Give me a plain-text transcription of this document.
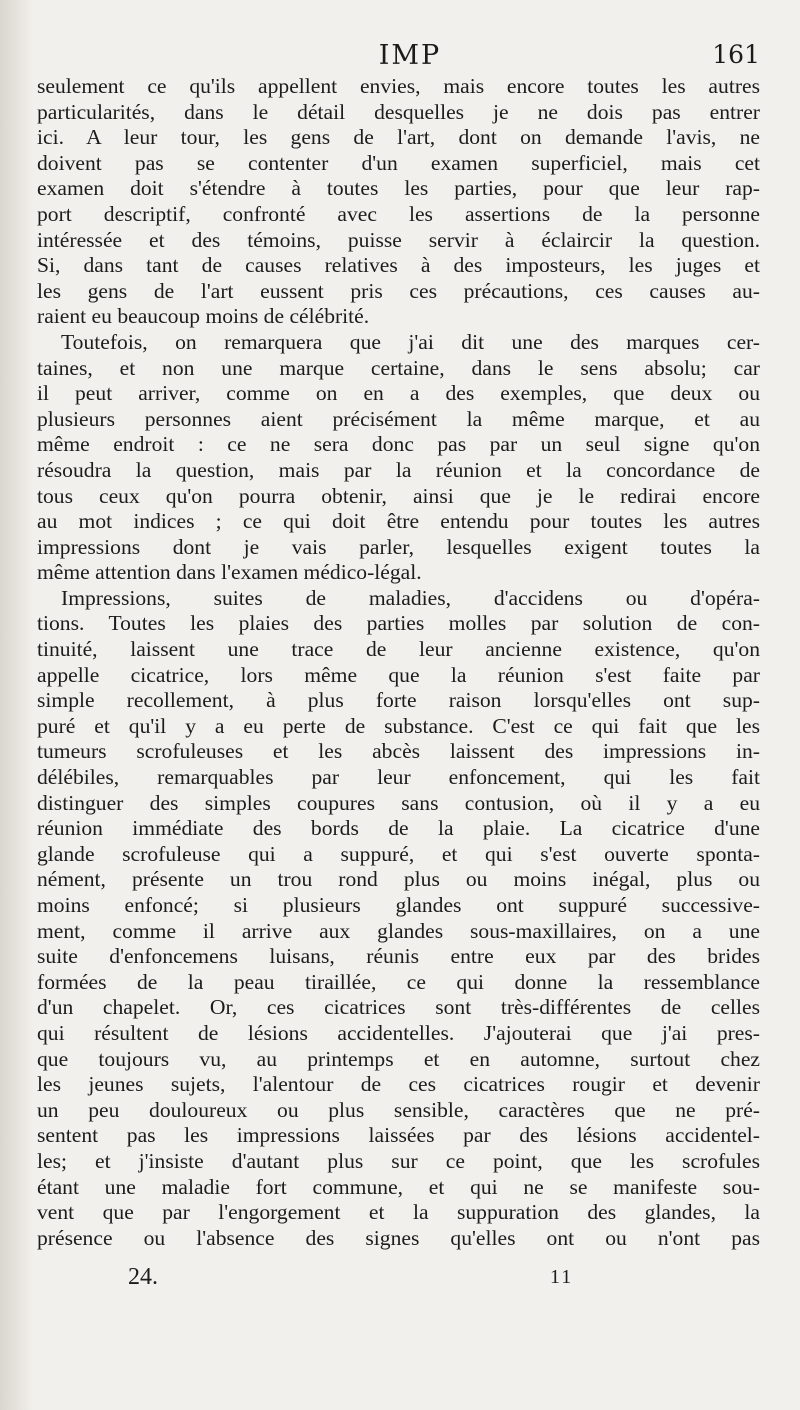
IMP	161
seulement ce qu'ils appellent envies, mais encore toutes les autres
particularités, dans le détail desquelles je ne dois pas entrer
ici. A leur tour, les gens de l'art, dont on demande l'avis, ne
doivent pas se contenter d'un examen superficiel, mais cet
examen doit s'étendre à toutes les parties, pour que leur rap-
port descriptif, confronté avec les assertions de la personne
intéressée et des témoins, puisse servir à éclaircir la question.
Si, dans tant de causes relatives à des imposteurs, les juges et
les gens de l'art eussent pris ces précautions, ces causes au-
raient eu beaucoup moins de célébrité.
Toutefois, on remarquera que j'ai dit une des marques cer-
taines, et non une marque certaine, dans le sens absolu; car
il peut arriver, comme on en a des exemples, que deux ou
plusieurs personnes aient précisément la même marque, et au
même endroit : ce ne sera donc pas par un seul signe qu'on
résoudra la question, mais par la réunion et la concordance de
tous ceux qu'on pourra obtenir, ainsi que je le redirai encore
au mot indices ; ce qui doit être entendu pour toutes les autres
impressions dont je vais parler, lesquelles exigent toutes la
même attention dans l'examen médico-légal.
Impressions, suites de maladies, d'accidens ou d'opéra-
tions. Toutes les plaies des parties molles par solution de con-
tinuité, laissent une trace de leur ancienne existence, qu'on
appelle cicatrice, lors même que la réunion s'est faite par
simple recollement, à plus forte raison lorsqu'elles ont sup-
puré et qu'il y a eu perte de substance. C'est ce qui fait que les
tumeurs scrofuleuses et les abcès laissent des impressions in-
délébiles, remarquables par leur enfoncement, qui les fait
distinguer des simples coupures sans contusion, où il y a eu
réunion immédiate des bords de la plaie. La cicatrice d'une
glande scrofuleuse qui a suppuré, et qui s'est ouverte sponta-
nément, présente un trou rond plus ou moins inégal, plus ou
moins enfoncé; si plusieurs glandes ont suppuré successive-
ment, comme il arrive aux glandes sous-maxillaires, on a une
suite d'enfoncemens luisans, réunis entre eux par des brides
formées de la peau tiraillée, ce qui donne la ressemblance
d'un chapelet. Or, ces cicatrices sont très-différentes de celles
qui résultent de lésions accidentelles. J'ajouterai que j'ai pres-
que toujours vu, au printemps et en automne, surtout chez
les jeunes sujets, l'alentour de ces cicatrices rougir et devenir
un peu douloureux ou plus sensible, caractères que ne pré-
sentent pas les impressions laissées par des lésions accidentel-
les; et j'insiste d'autant plus sur ce point, que les scrofules
étant une maladie fort commune, et qui ne se manifeste sou-
vent que par l'engorgement et la suppuration des glandes, la
présence ou l'absence des signes qu'elles ont ou n'ont pas
24.	11
